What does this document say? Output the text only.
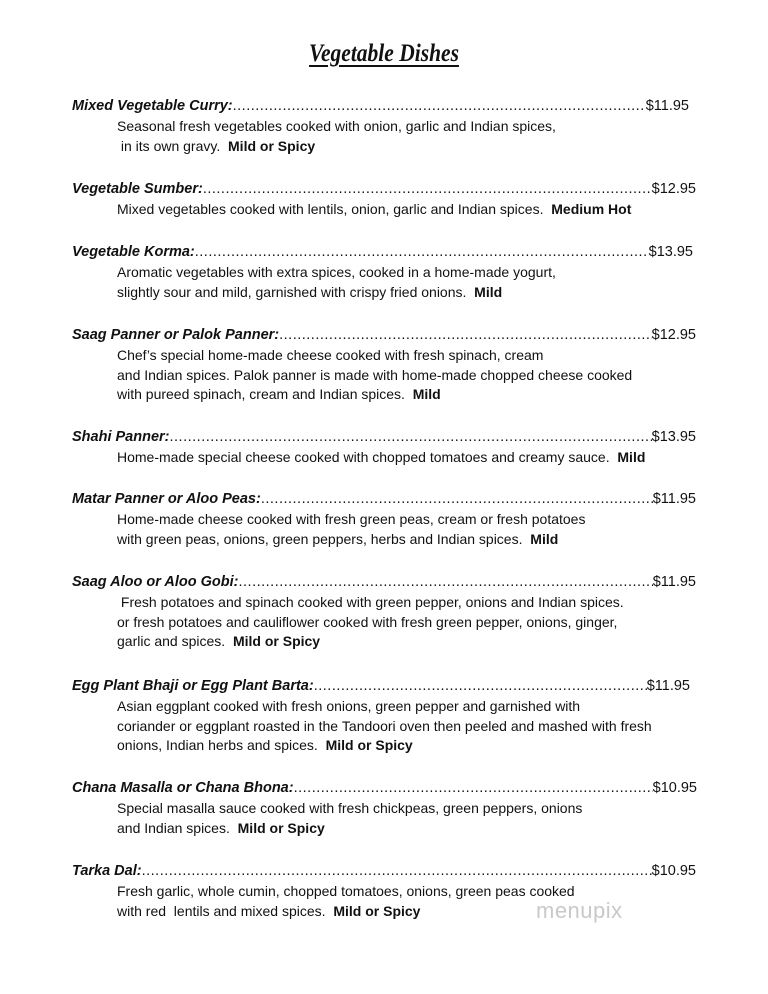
Vegetable Dishes
Mixed Vegetable Curry: .....	$11.95
Seasonal fresh vegetables cooked with onion, garlic and Indian spices,
in its own gravy.  Mild or Spicy
Vegetable Sumber: .....	$12.95
Mixed vegetables cooked with lentils, onion, garlic and Indian spices.  Medium Hot
Vegetable Korma: .....	$13.95
Aromatic vegetables with extra spices, cooked in a home-made yogurt,
slightly sour and mild, garnished with crispy fried onions.  Mild
Saag Panner or Palok Panner: .....	$12.95
Chef’s special home-made cheese cooked with fresh spinach, cream
and Indian spices. Palok panner is made with home-made chopped cheese cooked
with pureed spinach, cream and Indian spices.  Mild
Shahi Panner: .....	$13.95
Home-made special cheese cooked with chopped tomatoes and creamy sauce.  Mild
Matar Panner or Aloo Peas: .....	$11.95
Home-made cheese cooked with fresh green peas, cream or fresh potatoes
with green peas, onions, green peppers, herbs and Indian spices.  Mild
Saag Aloo or Aloo Gobi: .....	$11.95
Fresh potatoes and spinach cooked with green pepper, onions and Indian spices.
or fresh potatoes and cauliflower cooked with fresh green pepper, onions, ginger,
garlic and spices.  Mild or Spicy
Egg Plant Bhaji or Egg Plant Barta: .....	$11.95
Asian eggplant cooked with fresh onions, green pepper and garnished with
coriander or eggplant roasted in the Tandoori oven then peeled and mashed with fresh
onions, Indian herbs and spices.  Mild or Spicy
Chana Masalla or Chana Bhona: .....	$10.95
Special masalla sauce cooked with fresh chickpeas, green peppers, onions
and Indian spices.  Mild or Spicy
Tarka Dal: .....	$10.95
Fresh garlic, whole cumin, chopped tomatoes, onions, green peas cooked
with red  lentils and mixed spices.  Mild or Spicy	menupix
